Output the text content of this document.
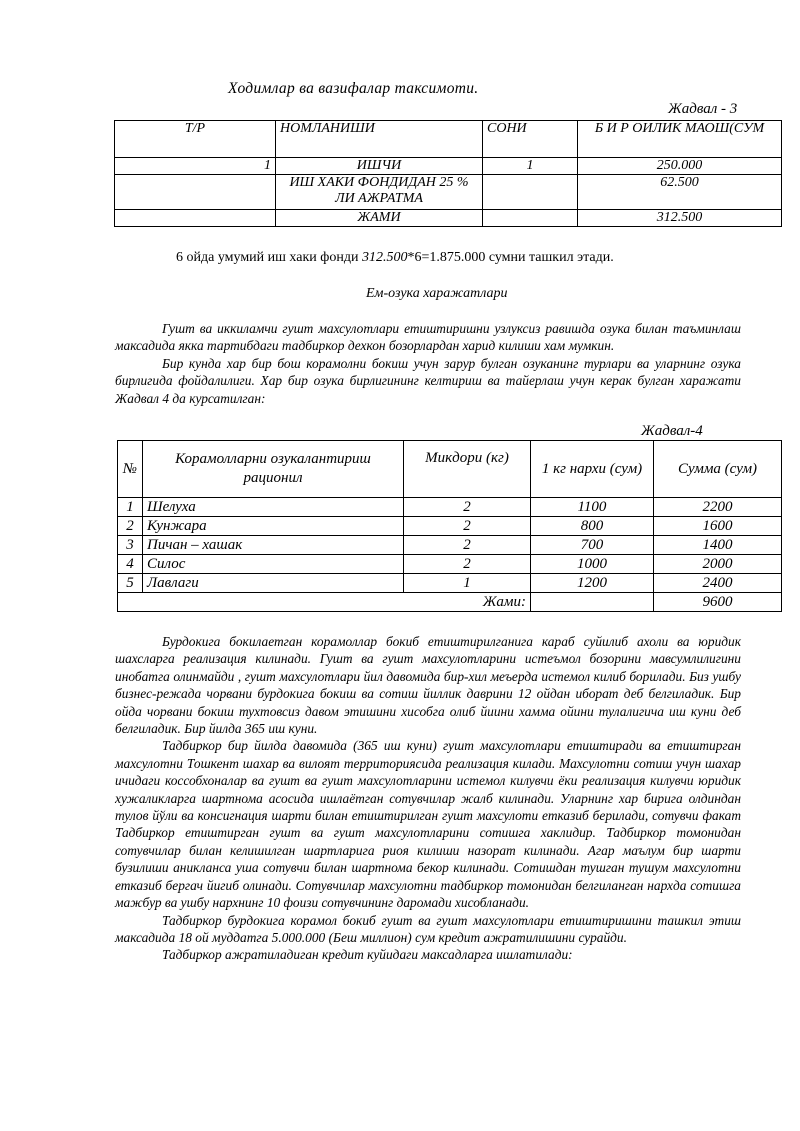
Ходимлар ва вазифалар таксимоти.
Жадвал - 3
Т/Р	НОМЛАНИШИ	СОНИ	Б И Р ОИЛИК МАОШ(СУМ
1	ИШЧИ	1	250.000
	ИШ ХАКИ ФОНДИДАН 25 % ЛИ АЖРАТМА		62.500
	ЖАМИ		312.500
6 ойда умумий иш хаки фонди 312.500*6=1.875.000 сумни ташкил этади.
Ем-озука харажатлари

Гушт ва иккиламчи гушт махсулотлари етиштиришни узлуксиз равишда озука билан таъминлаш максадида якка тартибдаги тадбиркор дехкон бозорлардан харид килиши хам мумкин.

Бир кунда хар бир бош корамолни бокиш учун зарур булган озуканинг турлари ва уларнинг озука бирлигида фойдалилиги. Хар бир озука бирлигининг келтириш ва тайерлаш учун керак булган харажати Жадвал 4 да курсатилган:

Жадвал-4
№	Корамолларни озукалантириш рационил	Микдори (кг)	1 кг нархи (сум)	Сумма (сум)
1	Шелуха	2	1100	2200
2	Кунжара	2	800	1600
3	Пичан – хашак	2	700	1400
4	Силос	2	1000	2000
5	Лавлаги	1	1200	2400
Жами:				9600

Бурдокига бокилаетган корамоллар бокиб етиштирилганига караб суйилиб ахоли ва юридик шахсларга реализация килинади. Гушт ва гушт махсулотларини истеъмол бозорини мавсумлилигини инобатга олинмайди , гушт махсулотлари йил давомида бир-хил меъерда истемол килиб борилади. Биз ушбу бизнес-режада чорвани бурдокига бокиш ва сотиш йиллик даврини 12 ойдан иборат деб белгиладик. Бир ойда чорвани бокиш тухтовсиз давом этишини хисобга олиб йиини хамма ойини тулалигича иш куни деб белгиладик. Бир йилда 365 иш куни.

Тадбиркор бир йилда давомида (365 иш куни) гушт махсулотлари етиштиради ва етиштирган махсулотни Тошкент шахар ва вилоят территориясида реализация килади. Махсулотни сотиш учун шахар ичидаги коссобхоналар ва гушт ва гушт махсулотларини истемол килувчи ёки реализация килувчи юридик хужаликларга шартнома асосида ишлаётган сотувчилар жалб килинади. Уларнинг хар бирига олдиндан тулов йўли ва консигнация шарти билан етиштирилган гушт махсулоти етказиб берилади, сотувчи факат Тадбиркор етиштирган гушт ва гушт махсулотларини сотишга хаклидир. Тадбиркор томонидан сотувчилар билан келишилган шартларига риоя килиши назорат килинади. Агар маълум бир шарти бузилиши аникланса уша сотувчи билан шартнома бекор килинади. Сотишдан тушган тушум махсулотни етказиб бергач йигиб олинади. Сотувчилар махсулотни тадбиркор томонидан белгиланган нархда сотишга мажбур ва ушбу нархнинг 10 фоизи сотувчининг даромади хисобланади.

Тадбиркор бурдокига корамол бокиб гушт ва гушт махсулотлари етиштиришини ташкил этиш максадида 18 ой муддатга 5.000.000 (Беш миллион) сум кредит ажратилишини сурайди.

Тадбиркор ажратиладиган кредит куйидаги максадларга ишлатилади:
